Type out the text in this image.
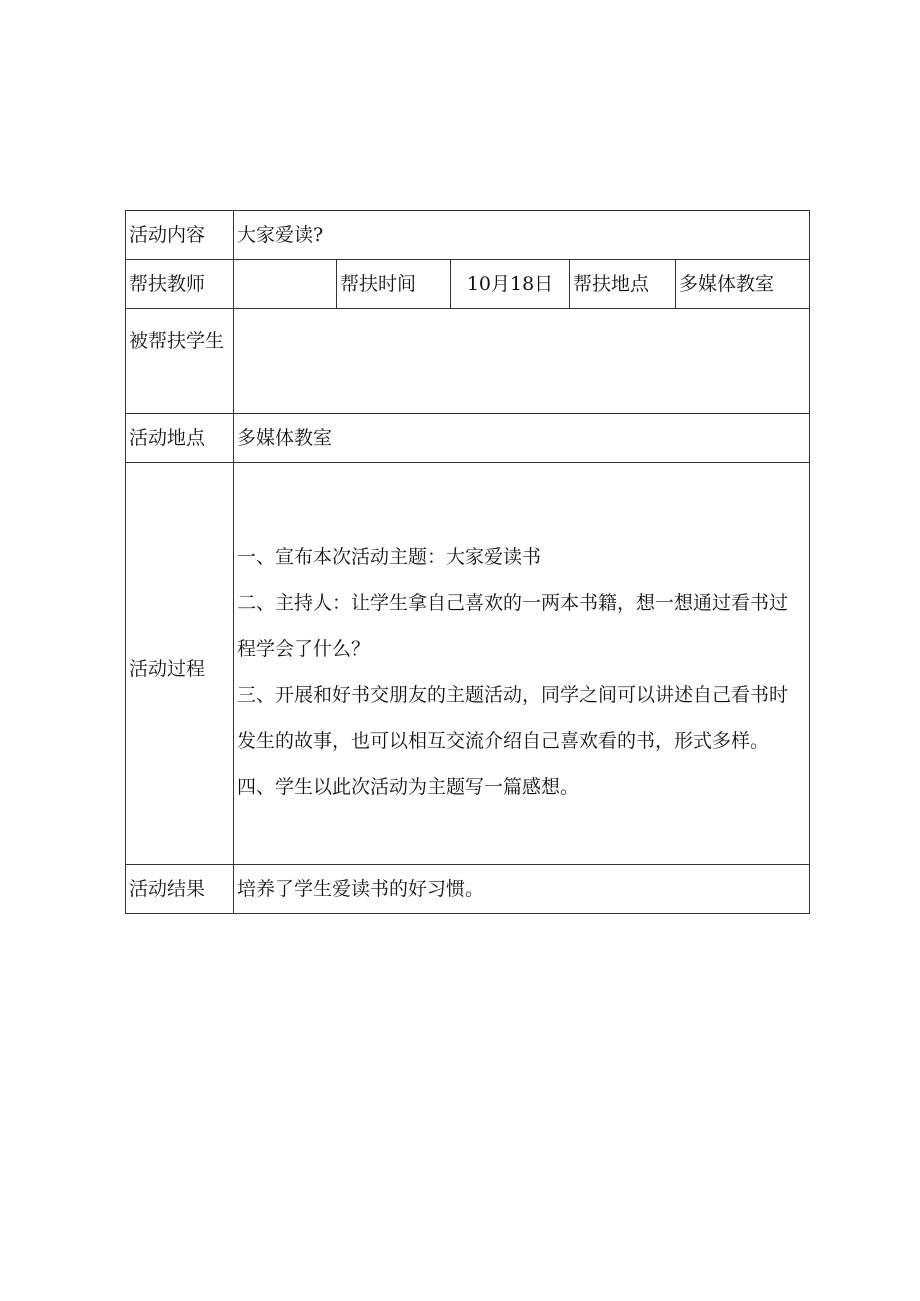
活动内容	大家爱读?				
帮扶教师		帮扶时间	10月18日	帮扶地点	多媒体教室
被帮扶学生					
活动地点	多媒体教室				
活动过程	一、宣布本次活动主题：大家爱读书
二、主持人：让学生拿自己喜欢的一两本书籍，想一想通过看书过程学会了什么？
三、开展和好书交朋友的主题活动，同学之间可以讲述自己看书时发生的故事，也可以相互交流介绍自己喜欢看的书，形式多样。
四、学生以此次活动为主题写一篇感想。				

活动结果	培养了学生爱读书的好习惯。				
